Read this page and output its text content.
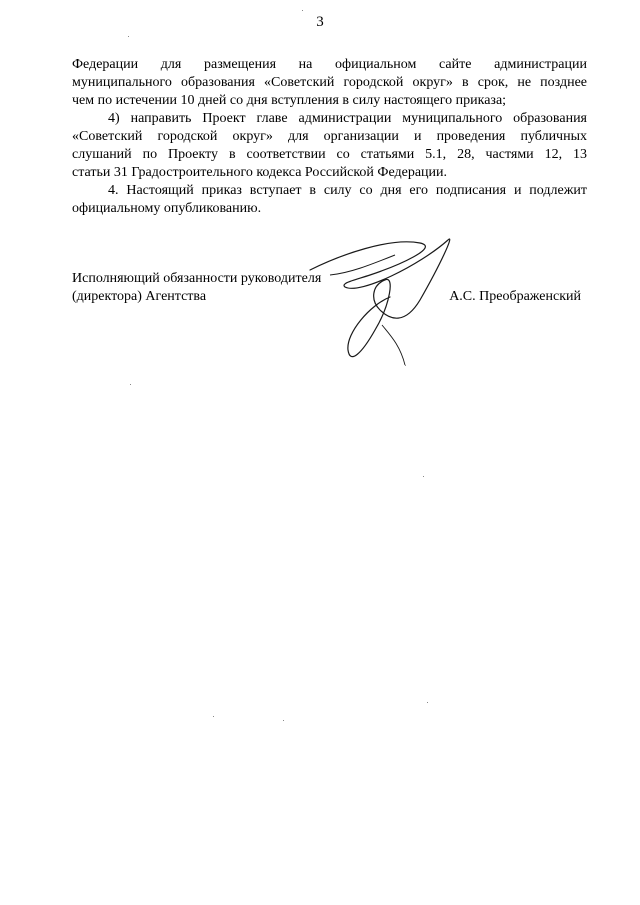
3

Федерации для размещения на официальном сайте администрации

муниципального образования «Советский городской округ» в срок, не позднее

чем по истечении 10 дней со дня вступления в силу настоящего приказа;

4) направить Проект главе администрации муниципального образования

«Советский городской округ» для организации и проведения публичных

слушаний по Проекту в соответствии со статьями 5.1, 28, частями 12, 13

статьи 31 Градостроительного кодекса Российской Федерации.

4. Настоящий приказ вступает в силу со дня его подписания и подлежит

официальному опубликованию.

Исполняющий обязанности руководителя

(директора) Агентства	А.С. Преображенский
